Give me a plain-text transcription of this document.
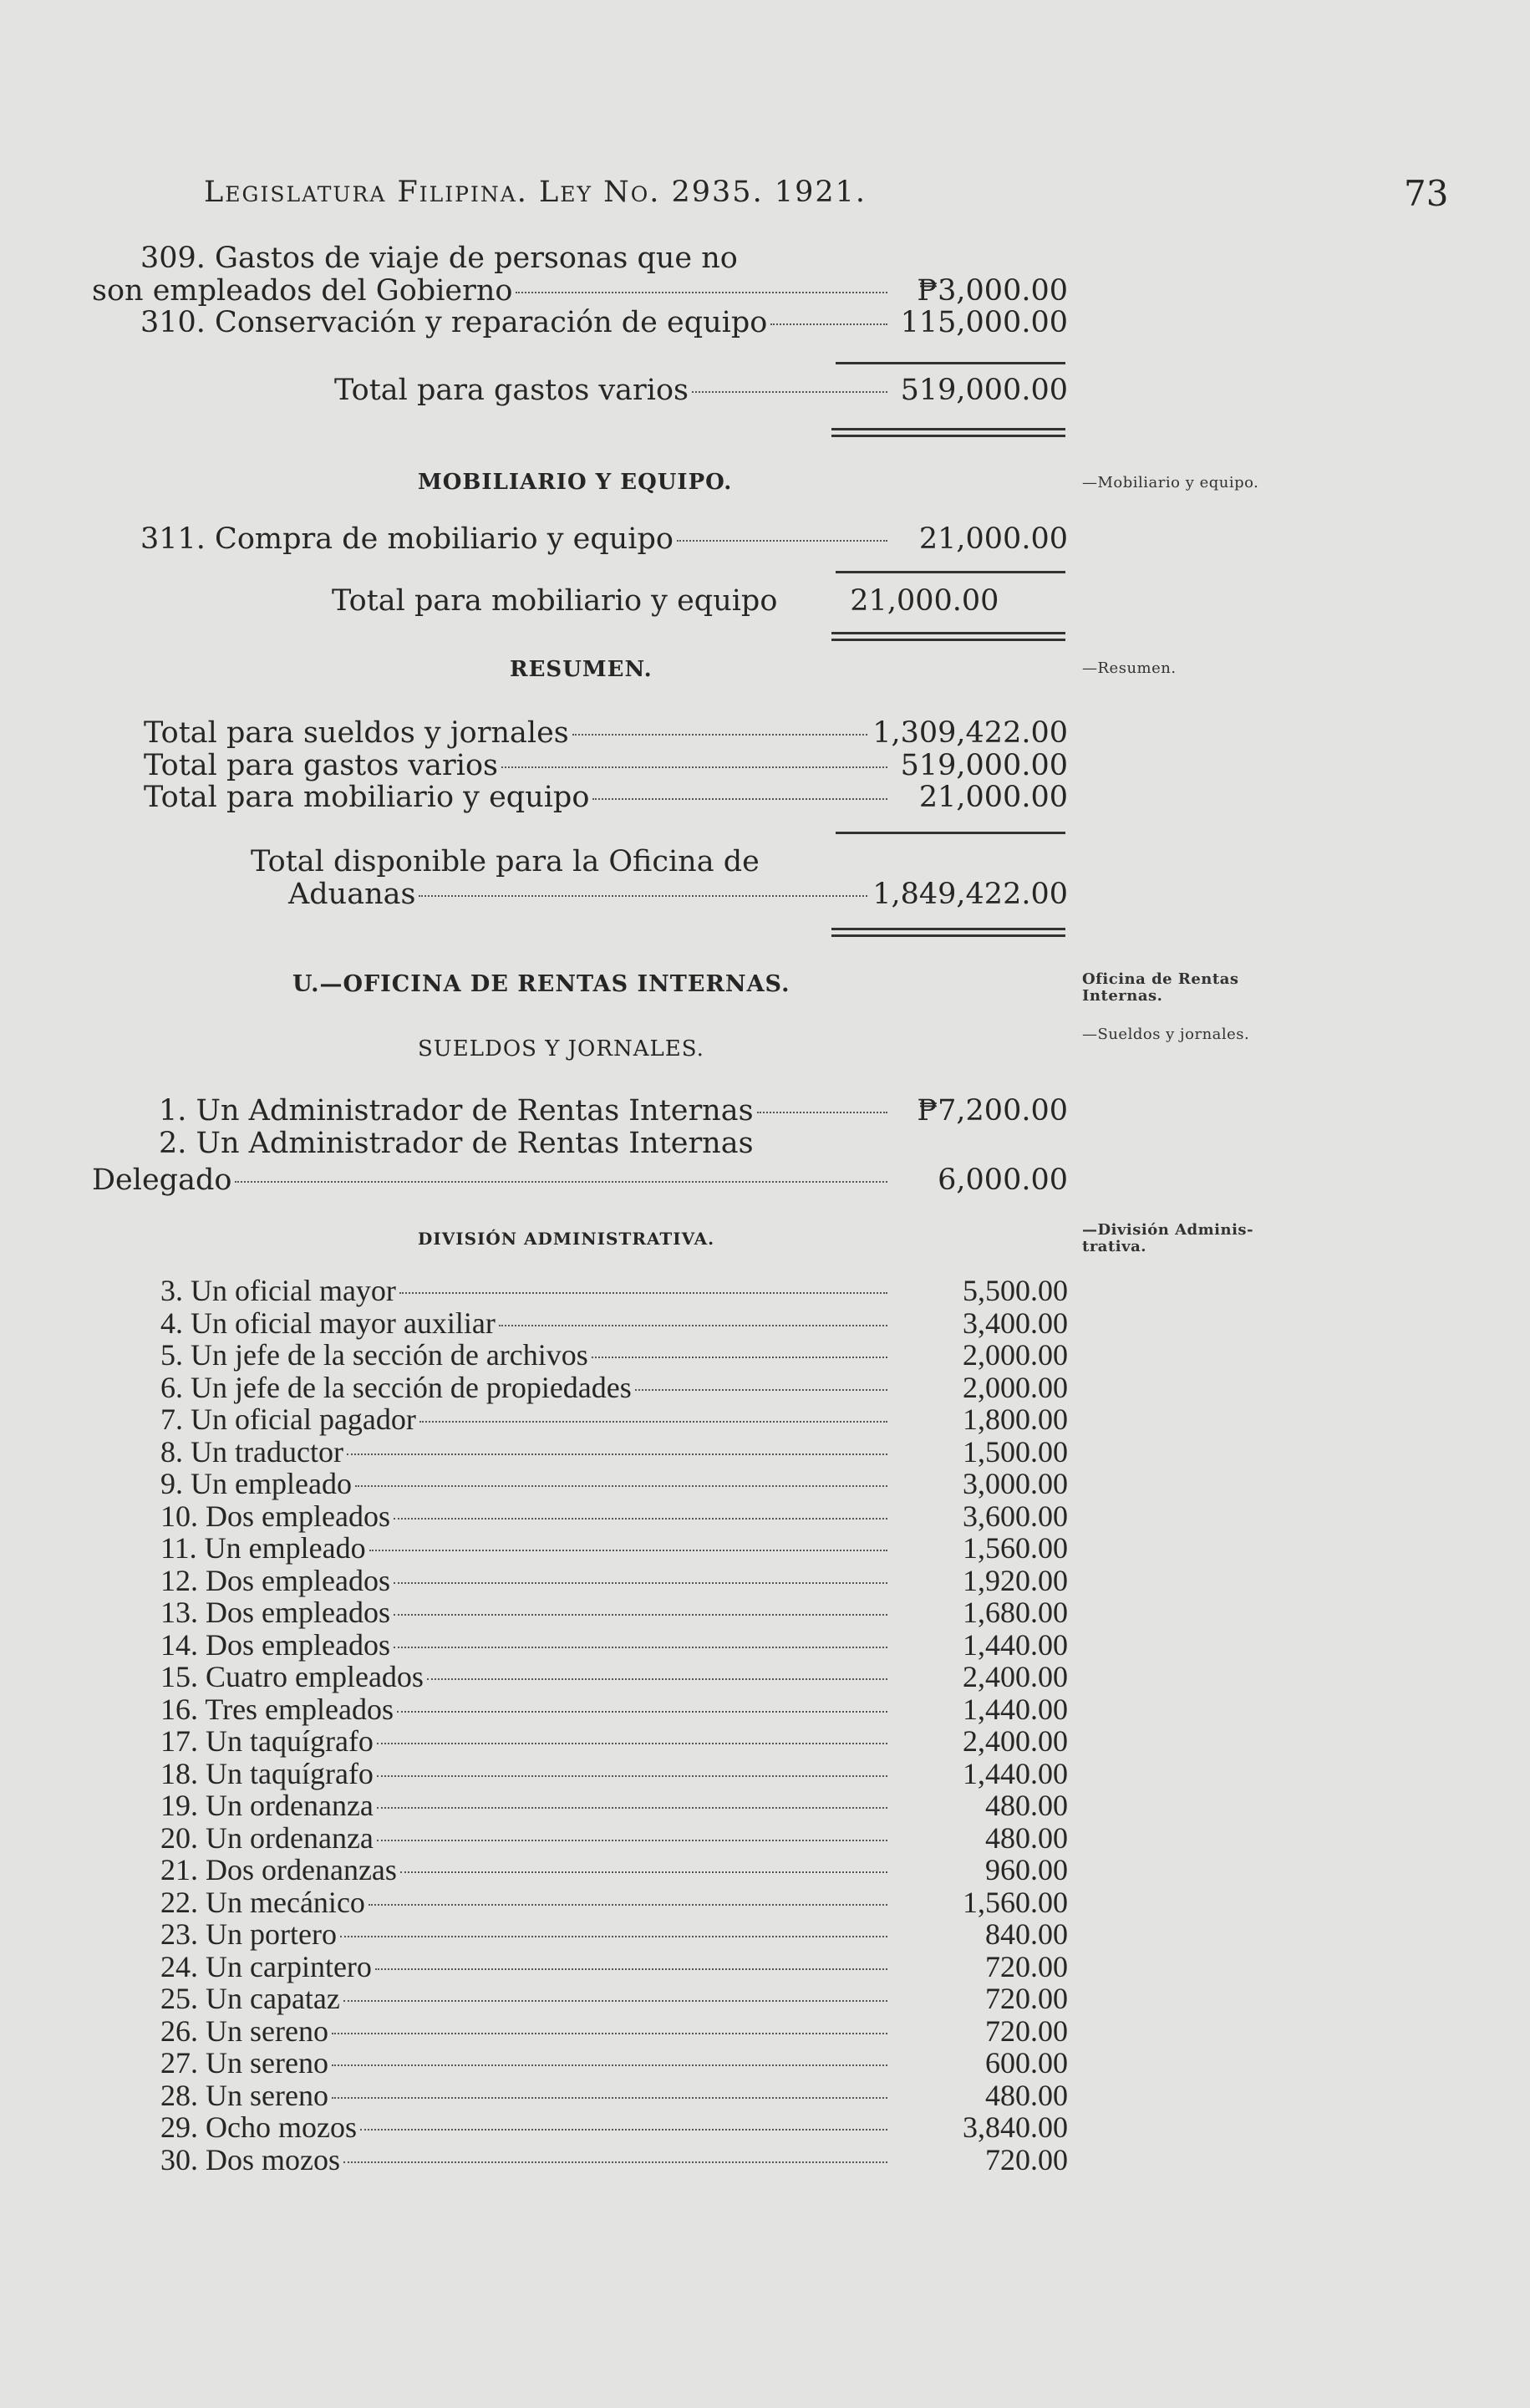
Legislatura Filipina. Ley No. 2935. 1921.	73
309. Gastos de viaje de personas que no
son empleados del Gobierno	₱3,000.00
310. Conservación y reparación de equipo	115,000.00
Total para gastos varios	519,000.00
MOBILIARIO Y EQUIPO.	—Mobiliario y equipo.
311. Compra de mobiliario y equipo	21,000.00
Total para mobiliario y equipo	21,000.00
RESUMEN.	—Resumen.
Total para sueldos y jornales	1,309,422.00
Total para gastos varios	519,000.00
Total para mobiliario y equipo	21,000.00
Total disponible para la Oficina de
Aduanas	1,849,422.00
U.—OFICINA DE RENTAS INTERNAS.	Oficina de Rentas
Internas.
SUELDOS Y JORNALES.
—Sueldos y jornales.
1. Un Administrador de Rentas Internas	₱7,200.00
2. Un Administrador de Rentas Internas
Delegado	6,000.00
DIVISIÓN ADMINISTRATIVA.	—División Adminis-
trativa.
3. Un oficial mayor	5,500.00
4. Un oficial mayor auxiliar	3,400.00
5. Un jefe de la sección de archivos	2,000.00
6. Un jefe de la sección de propiedades	2,000.00
7. Un oficial pagador	1,800.00
8. Un traductor	1,500.00
9. Un empleado	3,000.00
10. Dos empleados	3,600.00
11. Un empleado	1,560.00
12. Dos empleados	1,920.00
13. Dos empleados	1,680.00
14. Dos empleados	1,440.00
15. Cuatro empleados	2,400.00
16. Tres empleados	1,440.00
17. Un taquígrafo	2,400.00
18. Un taquígrafo	1,440.00
19. Un ordenanza	480.00
20. Un ordenanza	480.00
21. Dos ordenanzas	960.00
22. Un mecánico	1,560.00
23. Un portero	840.00
24. Un carpintero	720.00
25. Un capataz	720.00
26. Un sereno	720.00
27. Un sereno	600.00
28. Un sereno	480.00
29. Ocho mozos	3,840.00
30. Dos mozos	720.00
